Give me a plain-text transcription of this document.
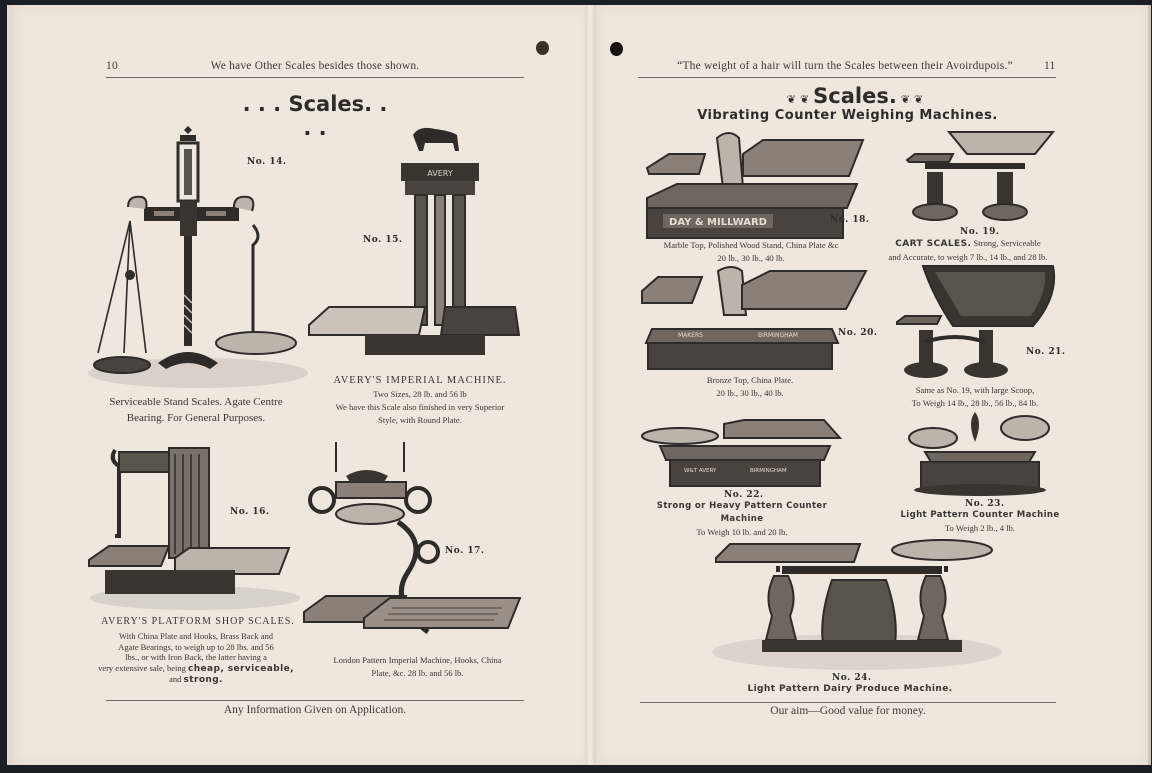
10	We have Other Scales besides those shown.
. . . Scales. . . .
No. 14.
Serviceable Stand Scales. Agate Centre
Bearing. For General Purposes.
No. 15.
AVERY
AVERY'S IMPERIAL MACHINE.
Two Sizes, 28 lb. and 56 lb
We have this Scale also finished in very Superior
Style, with Round Plate.
No. 16.
AVERY'S PLATFORM SHOP SCALES.
With China Plate and Hooks, Brass Back and
Agate Bearings, to weigh up to 28 lbs. and 56
lbs., or with Iron Back, the latter having a
very extensive sale, being cheap, serviceable,
and strong.
No. 17.
London Pattern Imperial Machine, Hooks, China
Plate, &c. 28 lb. and 56 lb.
Any Information Given on Application.
“The weight of a hair will turn the Scales between their Avoirdupois.”	11
❦ ❦ Scales. ❦ ❦
Vibrating Counter Weighing Machines.
DAY & MILLWARD	No. 18.
Marble Top, Polished Wood Stand, China Plate &c
20 lb., 30 lb., 40 lb.
No. 19.
CART SCALES. Strong, Serviceable
and Accurate, to weigh 7 lb., 14 lb., and 28 lb.
MAKERS	BIRMINGHAM	No. 20.
Bronze Top, China Plate.
20 lb., 30 lb., 40 lb.
No. 21.
Same as No. 19, with large Scoop,
To Weigh 14 lb., 28 lb., 56 lb., 84 lb.
W&T AVERY	BIRMINGHAM
No. 22.
Strong or Heavy Pattern Counter Machine
To Weigh 10 lb. and 20 lb.
No. 23.
Light Pattern Counter Machine
To Weigh 2 lb., 4 lb.
No. 24.
Light Pattern Dairy Produce Machine.
Our aim—Good value for money.
